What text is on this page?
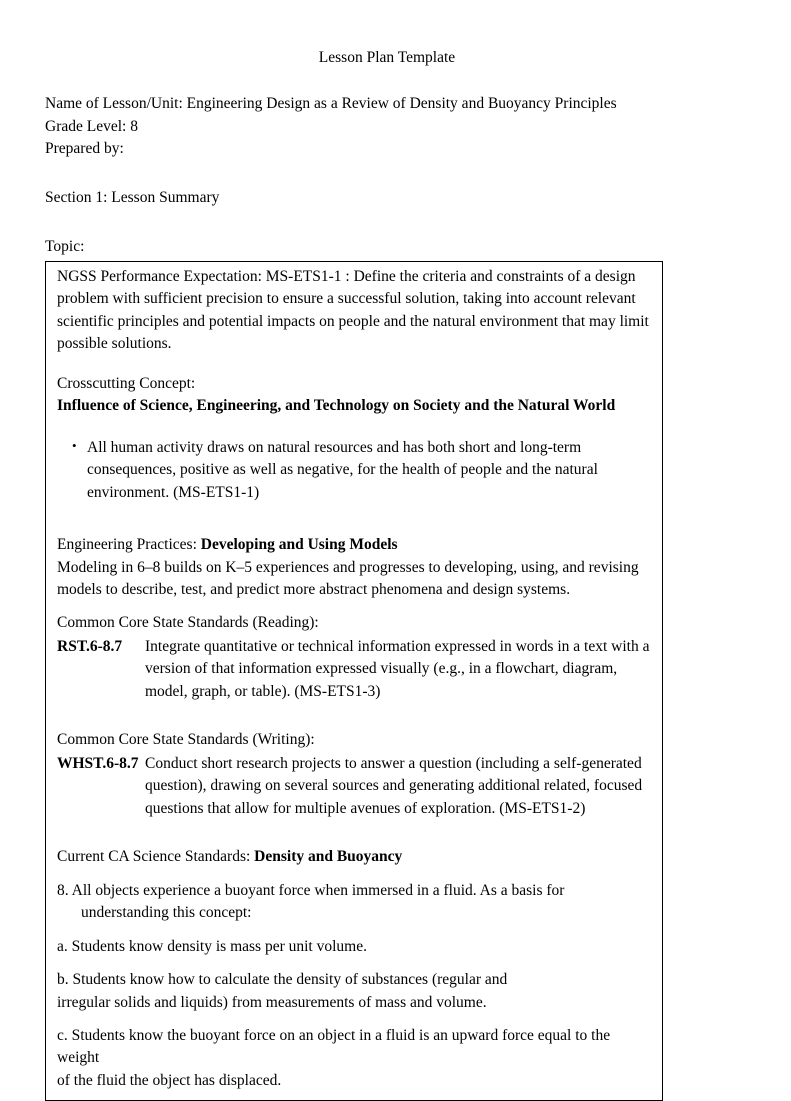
Lesson Plan Template
Name of Lesson/Unit: Engineering Design as a Review of Density and Buoyancy Principles
Grade Level: 8
Prepared by:
Section 1: Lesson Summary
Topic:

NGSS Performance Expectation: MS-ETS1-1 : Define the criteria and constraints of a design problem with sufficient precision to ensure a successful solution, taking into account relevant scientific principles and potential impacts on people and the natural environment that may limit possible solutions.

Crosscutting Concept:

Influence of Science, Engineering, and Technology on Society and the Natural World

• All human activity draws on natural resources and has both short and long-term consequences, positive as well as negative, for the health of people and the natural environment. (MS-ETS1-1)

Engineering Practices: Developing and Using Models

Modeling in 6–8 builds on K–5 experiences and progresses to developing, using, and revising models to describe, test, and predict more abstract phenomena and design systems.

Common Core State Standards (Reading):

RST.6-8.7	Integrate quantitative or technical information expressed in words in a text with a version of that information expressed visually (e.g., in a flowchart, diagram, model, graph, or table). (MS-ETS1-3)

Common Core State Standards (Writing):

WHST.6-8.7 Conduct short research projects to answer a question (including a self-generated question), drawing on several sources and generating additional related, focused questions that allow for multiple avenues of exploration. (MS-ETS1-2)

Current CA Science Standards: Density and Buoyancy

8. All objects experience a buoyant force when immersed in a fluid. As a basis for

understanding this concept:

a. Students know density is mass per unit volume.

b. Students know how to calculate the density of substances (regular and

irregular solids and liquids) from measurements of mass and volume.

c. Students know the buoyant force on an object in a fluid is an upward force equal to the weight

of the fluid the object has displaced.
